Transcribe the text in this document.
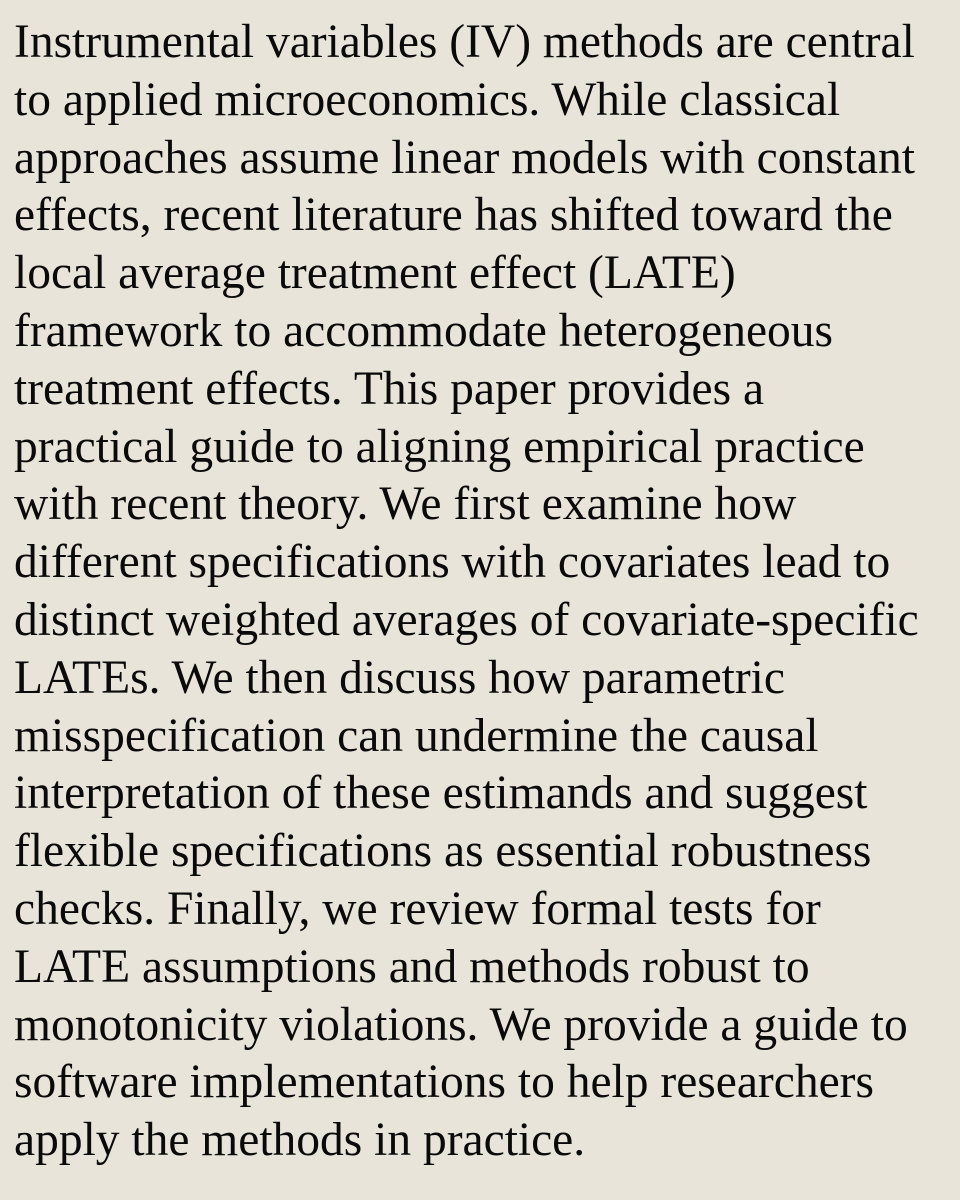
Instrumental variables (IV) methods are central
to applied microeconomics. While classical
approaches assume linear models with constant
effects, recent literature has shifted toward the
local average treatment effect (LATE)
framework to accommodate heterogeneous
treatment effects. This paper provides a
practical guide to aligning empirical practice
with recent theory. We first examine how
different specifications with covariates lead to
distinct weighted averages of covariate-specific
LATEs. We then discuss how parametric
misspecification can undermine the causal
interpretation of these estimands and suggest
flexible specifications as essential robustness
checks. Finally, we review formal tests for
LATE assumptions and methods robust to
monotonicity violations. We provide a guide to
software implementations to help researchers
apply the methods in practice.
